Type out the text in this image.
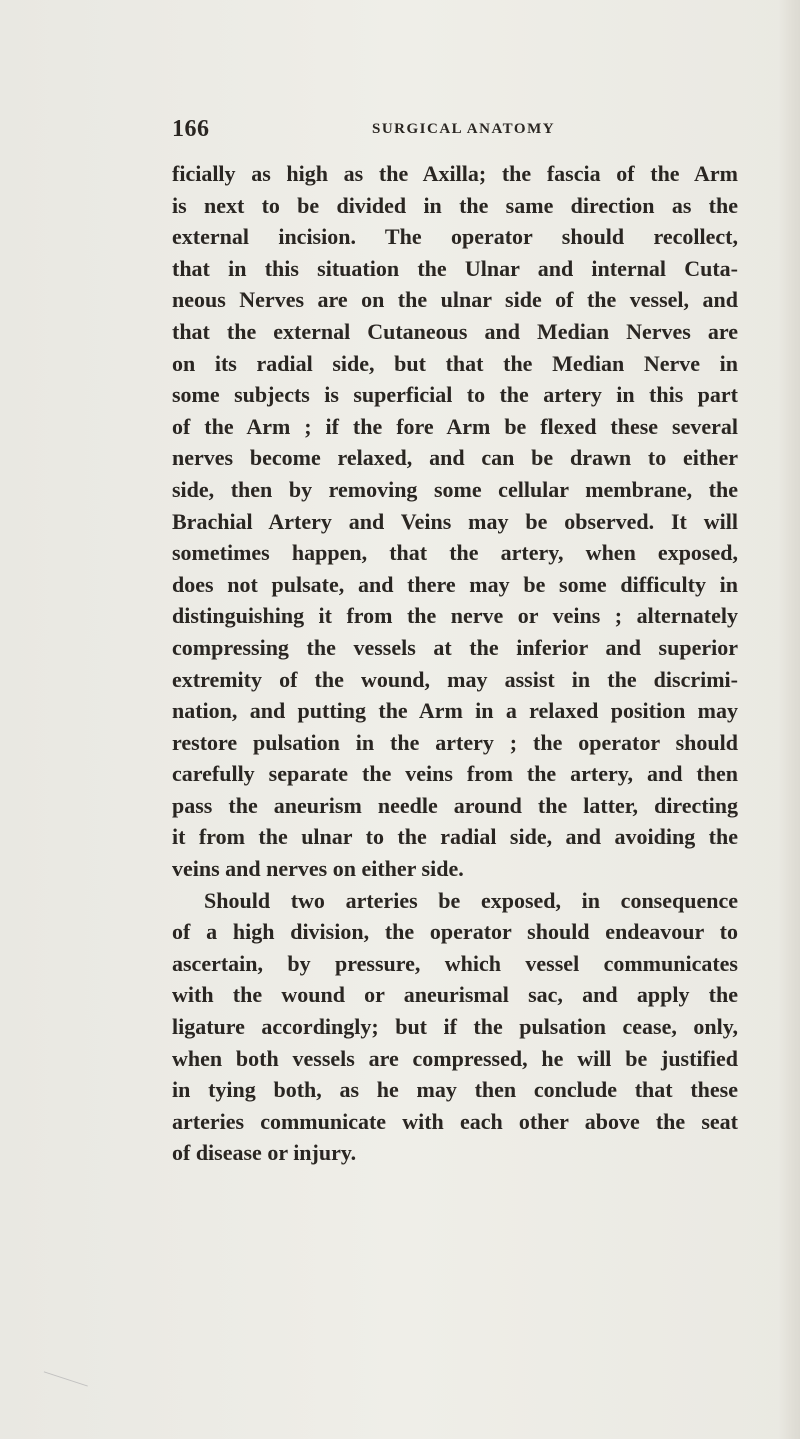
166	SURGICAL ANATOMY
ficially as high as the Axilla; the fascia of the Arm
is next to be divided in the same direction as the
external incision. The operator should recollect,
that in this situation the Ulnar and internal Cuta-
neous Nerves are on the ulnar side of the vessel, and
that the external Cutaneous and Median Nerves are
on its radial side, but that the Median Nerve in
some subjects is superficial to the artery in this part
of the Arm ; if the fore Arm be flexed these several
nerves become relaxed, and can be drawn to either
side, then by removing some cellular membrane, the
Brachial Artery and Veins may be observed. It will
sometimes happen, that the artery, when exposed,
does not pulsate, and there may be some difficulty in
distinguishing it from the nerve or veins ; alternately
compressing the vessels at the inferior and superior
extremity of the wound, may assist in the discrimi-
nation, and putting the Arm in a relaxed position may
restore pulsation in the artery ; the operator should
carefully separate the veins from the artery, and then
pass the aneurism needle around the latter, directing
it from the ulnar to the radial side, and avoiding the
veins and nerves on either side.
Should two arteries be exposed, in consequence
of a high division, the operator should endeavour to
ascertain, by pressure, which vessel communicates
with the wound or aneurismal sac, and apply the
ligature accordingly; but if the pulsation cease, only,
when both vessels are compressed, he will be justified
in tying both, as he may then conclude that these
arteries communicate with each other above the seat
of disease or injury.
